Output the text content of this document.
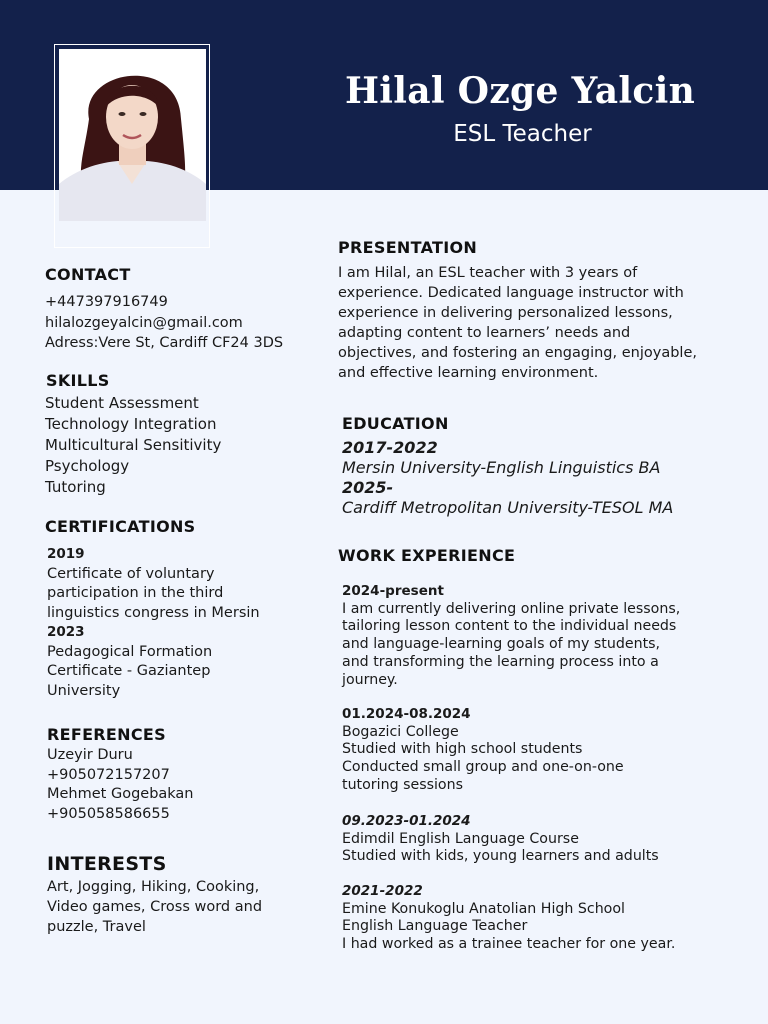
Hilal Ozge Yalcin
ESL Teacher
CONTACT
+447397916749
hilalozgeyalcin@gmail.com
Adress:Vere St, Cardiff CF24 3DS
SKILLS
Student Assessment
Technology Integration
Multicultural Sensitivity
Psychology
Tutoring
CERTIFICATIONS
2019
Certificate of voluntary
participation in the third
linguistics congress in Mersin
2023
Pedagogical Formation
Certificate - Gaziantep
University
REFERENCES
Uzeyir Duru
+905072157207
Mehmet Gogebakan
+905058586655
INTERESTS
Art, Jogging, Hiking, Cooking,
Video games, Cross word and
puzzle, Travel
PRESENTATION
I am Hilal, an ESL teacher with 3 years of
experience. Dedicated language instructor with
experience in delivering personalized lessons,
adapting content to learners’ needs and
objectives, and fostering an engaging, enjoyable,
and effective learning environment.
EDUCATION
2017-2022
Mersin University-English Linguistics BA
2025-
Cardiff Metropolitan University-TESOL MA
WORK EXPERIENCE
2024-present
I am currently delivering online private lessons,
tailoring lesson content to the individual needs
and language-learning goals of my students,
and transforming the learning process into a
journey.
01.2024-08.2024
Bogazici College
Studied with high school students
Conducted small group and one-on-one
tutoring sessions
09.2023-01.2024
Edimdil English Language Course
Studied with kids, young learners and adults
2021-2022
Emine Konukoglu Anatolian High School
English Language Teacher
I had worked as a trainee teacher for one year.
